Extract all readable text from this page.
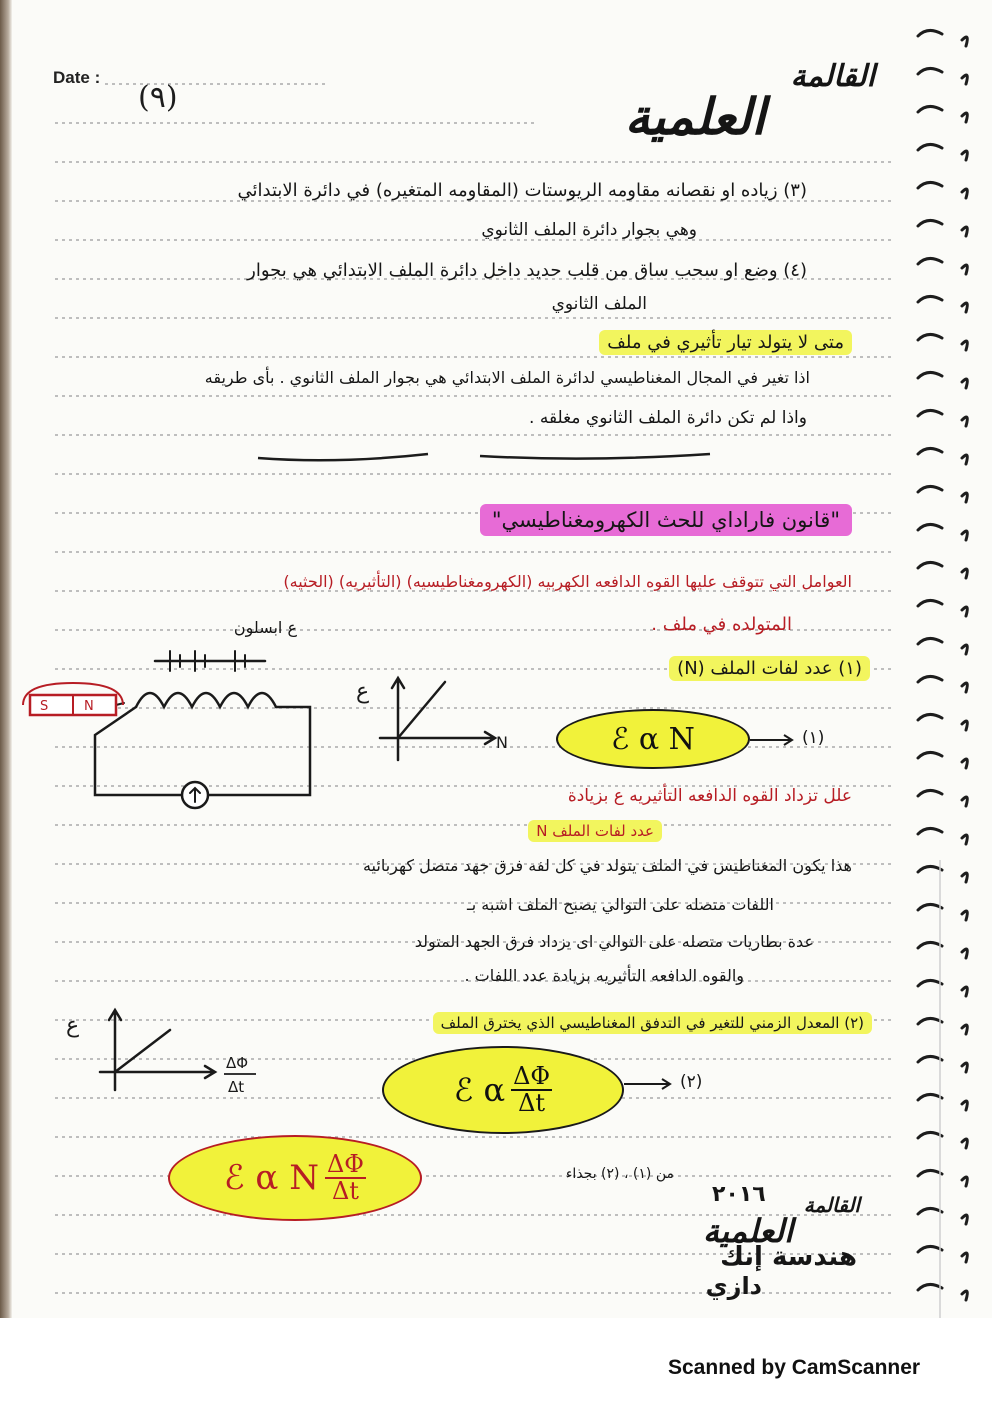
Date :
(٩)
القالمة
العلمية
(٣) زياده او نقصانه مقاومه الريوستات (المقاومه المتغيره) في دائرة الابتدائي
وهي بجوار دائرة الملف الثانوي
(٤) وضع او سحب ساق من قلب حديد داخل دائرة الملف الابتدائي هي بجوار
الملف الثانوي
متى لا يتولد تيار تأثيري في ملف
اذا تغير في المجال المغناطيسي لدائرة الملف الابتدائي هي بجوار الملف الثانوي . بأى طريقه
واذا لم تكن دائرة الملف الثانوي مغلقه .
"قانون فاراداي للحث الكهرومغناطيسي"
العوامل التي تتوقف عليها القوه الدافعه الكهربيه (الكهرومغناطيسيه) (التأثيريه) (الحثيه)
المتولده في ملف .
ع ابسلون
(١) عدد لفات الملف (N)
S	N
ع
N	ℰ α N	(١)
علل تزداد القوه الدافعه التأثيريه ع بزيادة
عدد لفات الملف N
هذا يكون المغناطيس في الملف يتولد في كل لفه فرق جهد متصل كهربائيه
اللفات متصله على التوالي يصبح الملف اشبه بـ
عدة بطاريات متصله على التوالي اى يزداد فرق الجهد المتولد
والقوه الدافعه التأثيريه بزيادة عدد اللفات .
(٢) المعدل الزمني للتغير في التدفق المغناطيسي الذي يخترق الملف
ع
ΔΦ
Δt	ℰ α $\frac{\Delta\Phi}{\Delta t}$	(٢)
ℰ α N $\frac{\Delta\Phi}{\Delta t}$	من (١) ، (٢) بجذاء
٢٠١٦	القالمة
العلمية
هندسة إنك
دازي
Scanned by CamScanner
